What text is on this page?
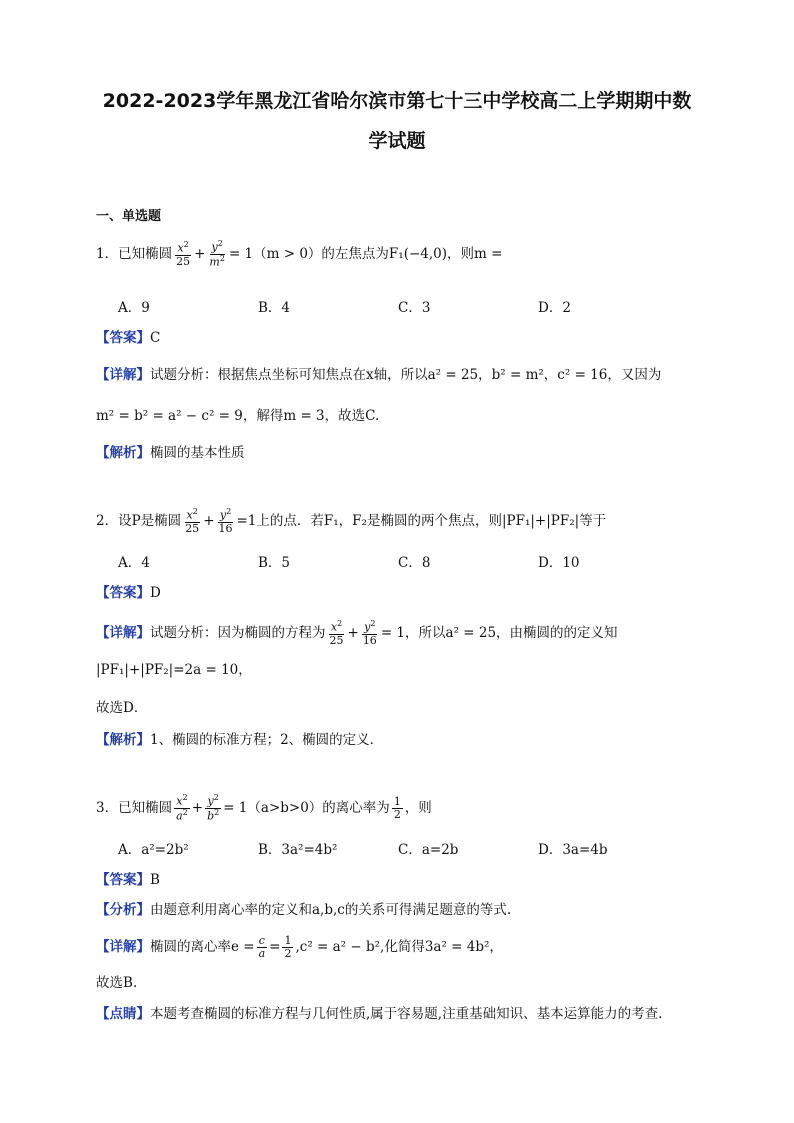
2022-2023学年黑龙江省哈尔滨市第七十三中学校高二上学期期中数
学试题
一、单选题
1．已知椭圆 $\frac{x^2}{25} + \frac{y^2}{m^2} = 1(m > 0)$的左焦点为F₁(−4,0)，则m =
A．9	B．4	C．3	D．2
【答案】C
【详解】试题分析：根据焦点坐标可知焦点在x轴，所以a² = 25，b² = m²，c² = 16，又因为
m² = b² = a² − c² = 9，解得m = 3，故选C.
【解析】椭圆的基本性质
2．设P是椭圆 $\frac{x^2}{25} + \frac{y^2}{16} =1$上的点．若F₁，F₂是椭圆的两个焦点，则|PF₁|+|PF₂|等于
A．4	B．5	C．8	D．10
【答案】D
【详解】试题分析：因为椭圆的方程为 $\frac{x^2}{25} + \frac{y^2}{16} = 1$，所以a² = 25，由椭圆的的定义知
|PF₁|+|PF₂|=2a = 10，
故选D．
【解析】1、椭圆的标准方程；2、椭圆的定义．
3．已知椭圆 $\frac{x^2}{a^2} + \frac{y^2}{b^2} = 1(a>b>0)$的离心率为 $\frac{1}{2}$ ，则
A．a²=2b²	B．3a²=4b²	C．a=2b	D．3a=4b
【答案】B
【分析】由题意利用离心率的定义和a,b,c的关系可得满足题意的等式.
【详解】椭圆的离心率$e = \frac{c}{a} = \frac{1}{2} ,c^2 = a^2 - b^2$,化简得3a² = 4b²，
故选B.
【点睛】本题考查椭圆的标准方程与几何性质,属于容易题,注重基础知识、基本运算能力的考查.
